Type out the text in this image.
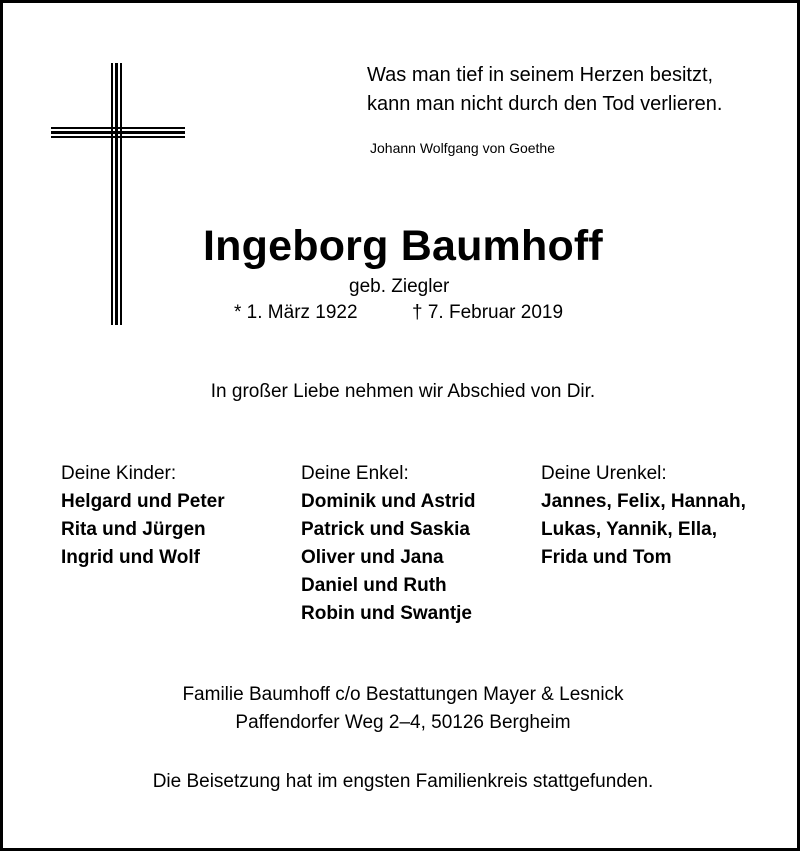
Was man tief in seinem Herzen besitzt,
kann man nicht durch den Tod verlieren.
Johann Wolfgang von Goethe
Ingeborg Baumhoff
geb. Ziegler
* 1. März 1922	† 7. Februar 2019
In großer Liebe nehmen wir Abschied von Dir.
Deine Kinder:
Helgard und Peter
Rita und Jürgen
Ingrid und Wolf
Deine Enkel:
Dominik und Astrid
Patrick und Saskia
Oliver und Jana
Daniel und Ruth
Robin und Swantje
Deine Urenkel:
Jannes, Felix, Hannah,
Lukas, Yannik, Ella,
Frida und Tom
Familie Baumhoff c/o Bestattungen Mayer & Lesnick
Paffendorfer Weg 2–4, 50126 Bergheim
Die Beisetzung hat im engsten Familienkreis stattgefunden.
